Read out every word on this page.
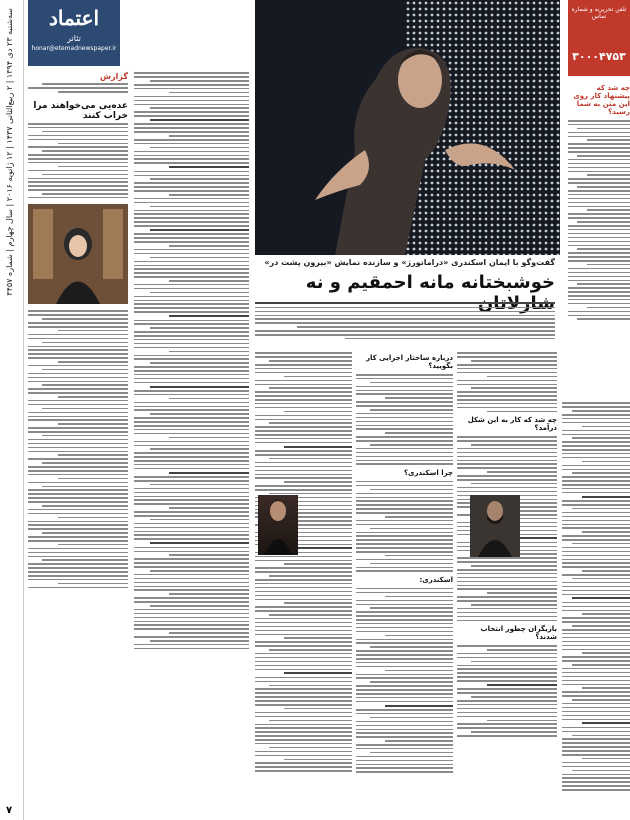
سه‌شنبه ۲۳ دی ۱۳۹۴ | ۲ ربیع‌الثانی ۱۴۳۷ | ۱۲ ژانویه ۲۰۱۶ | سال چهارم | شماره ۳۴۵۷
۷
اعتماد
تئاتر
honar@etemadnewspaper.ir
گزارش
عده‌یی می‌خواهند مرا خراب کنند
تلفن تحریریه و شماره تماس
۳۰۰۰۴۷۵۳
چه شد که پیشنهاد کار روی این متن به شما رسید؟
گفت‌وگو با ایمان اسکندری «دراماتورژ» و سازنده نمایش «بیرون پشت در»
خوشبختانه مانه احمقیم و نه
درباره ساختار اجرایی کار بگویید؟
چرا اسکندری؟
اسکندری:
چه شد که کار به این شکل درآمد؟
بازیگران چطور انتخاب شدند؟
